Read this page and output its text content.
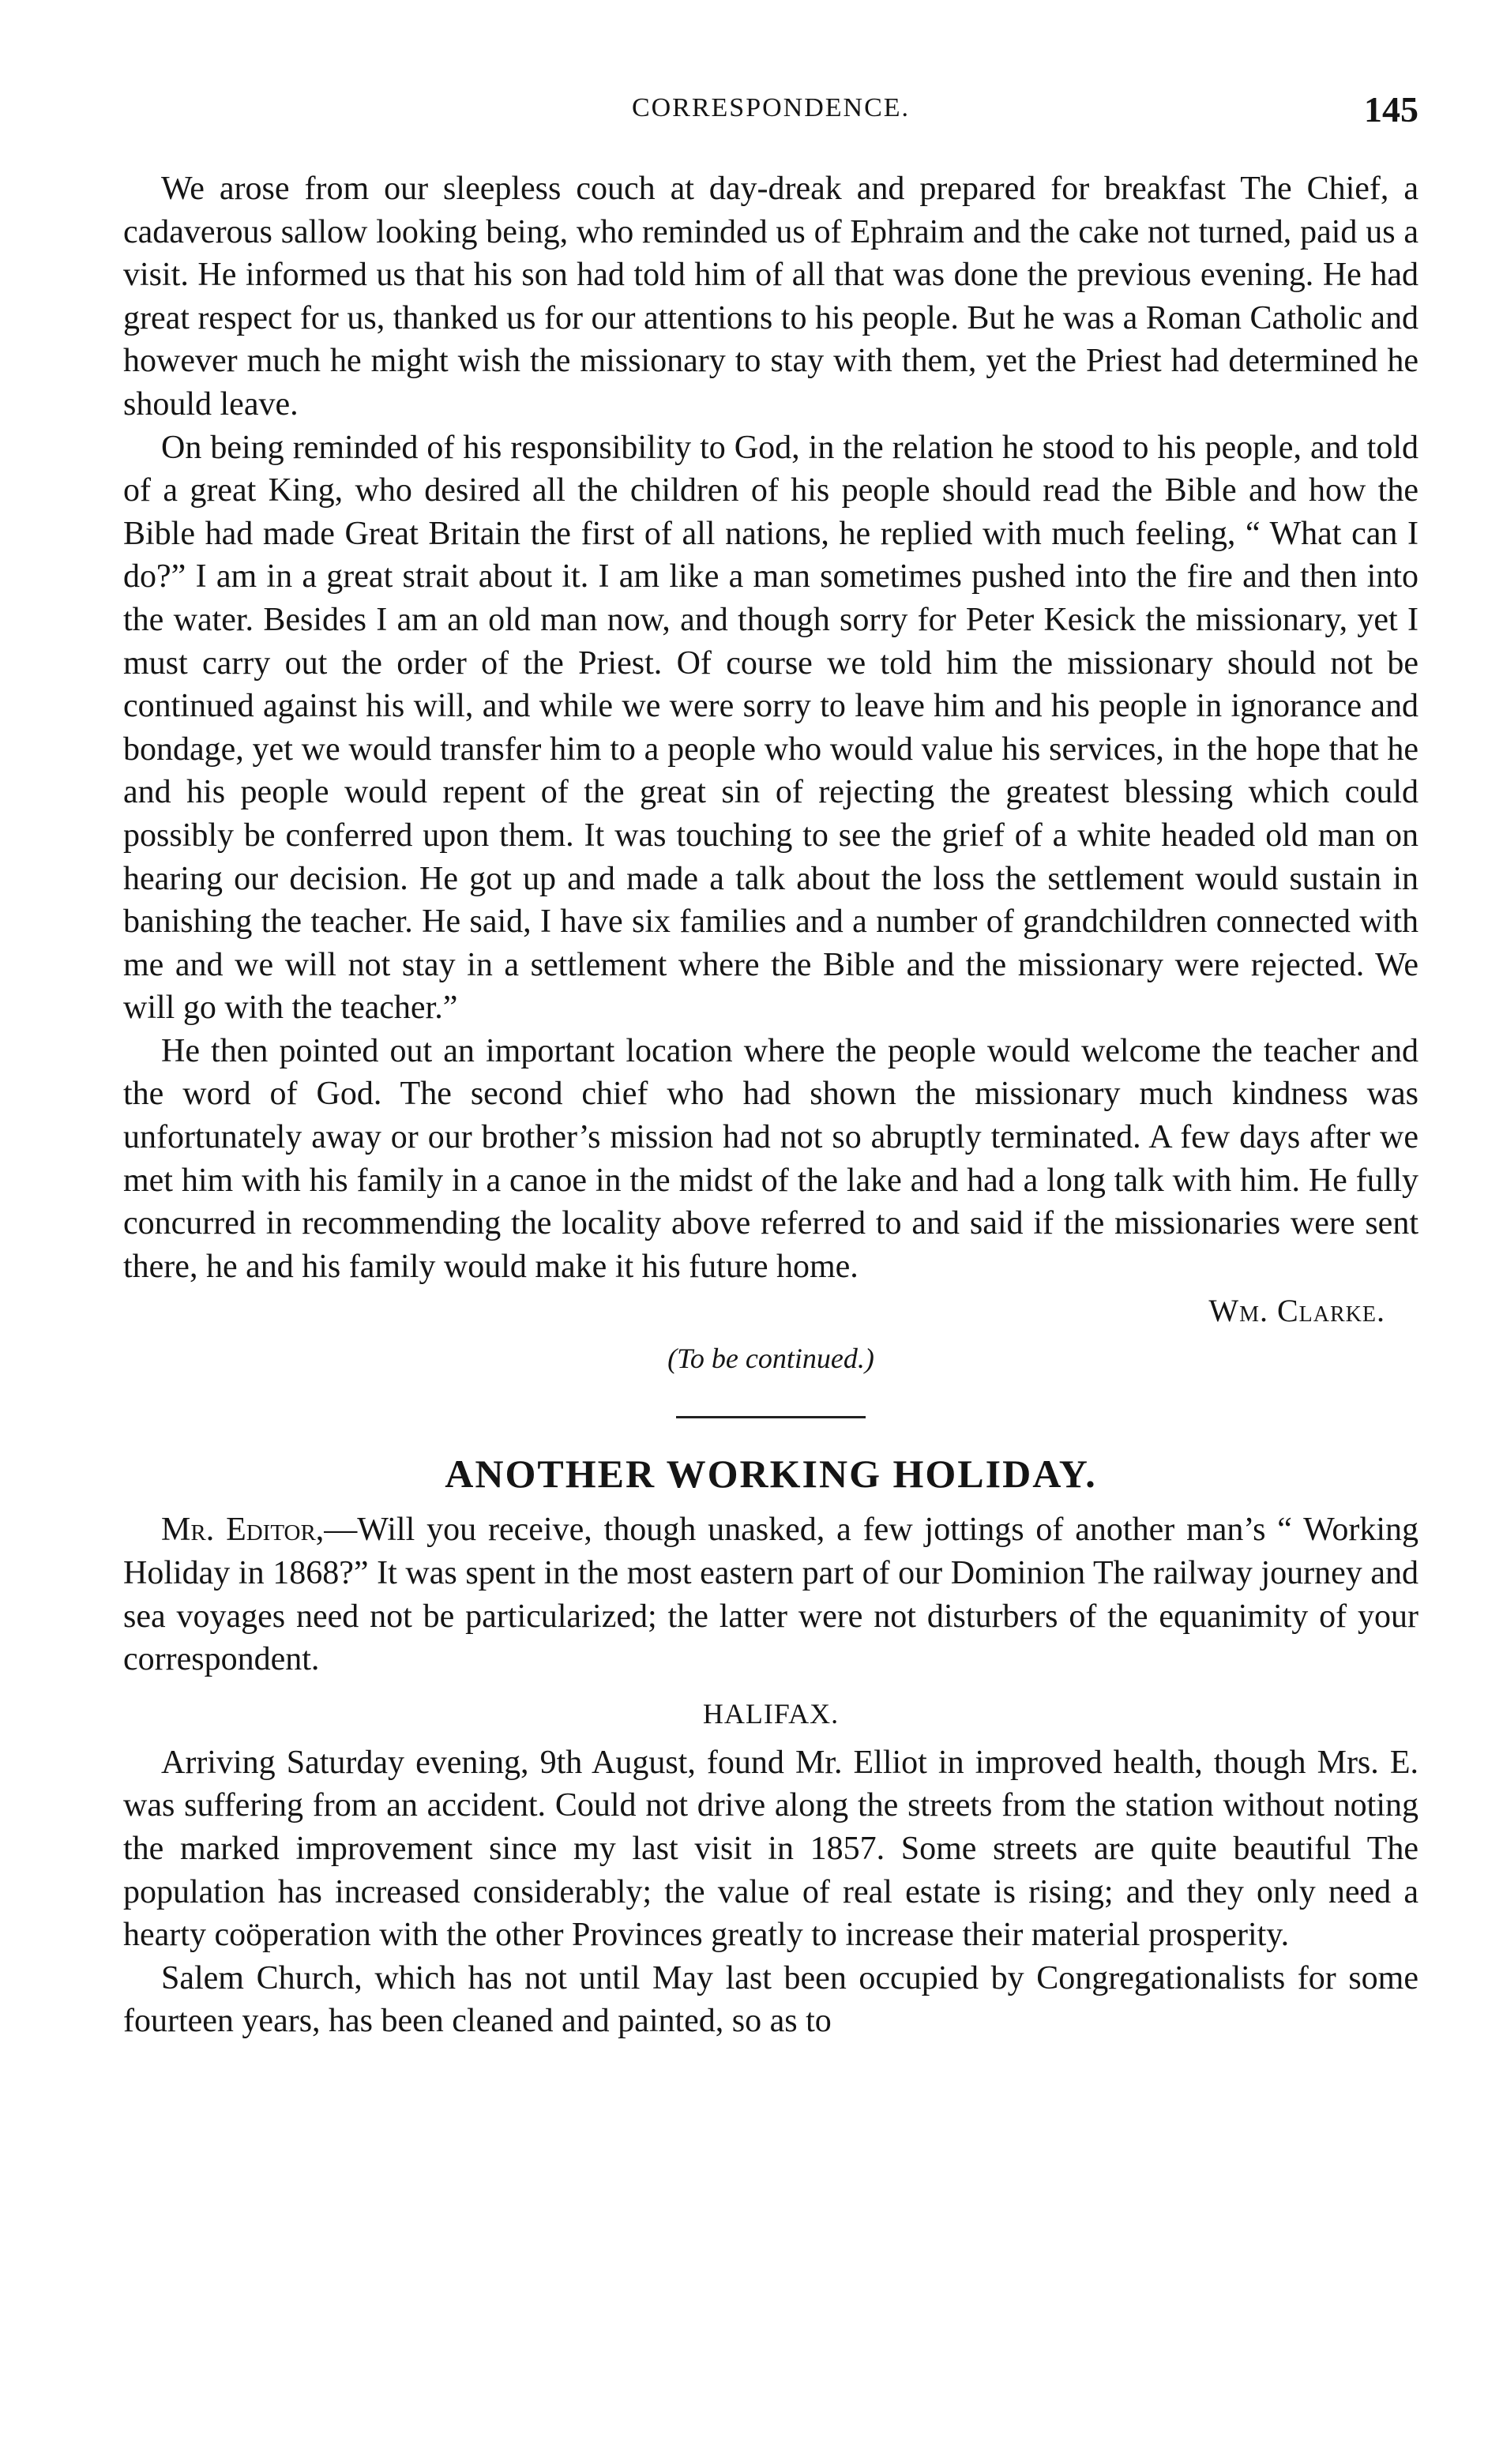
CORRESPONDENCE.	145

We arose from our sleepless couch at day-dreak and prepared for breakfast The Chief, a cadaverous sallow looking being, who reminded us of Ephraim and the cake not turned, paid us a visit. He informed us that his son had told him of all that was done the previous evening. He had great respect for us, thanked us for our attentions to his people. But he was a Roman Catholic and however much he might wish the missionary to stay with them, yet the Priest had determined he should leave.

On being reminded of his responsibility to God, in the relation he stood to his people, and told of a great King, who desired all the children of his people should read the Bible and how the Bible had made Great Britain the first of all nations, he replied with much feeling, “ What can I do?” I am in a great strait about it. I am like a man sometimes pushed into the fire and then into the water. Besides I am an old man now, and though sorry for Peter Kesick the missionary, yet I must carry out the order of the Priest. Of course we told him the missionary should not be continued against his will, and while we were sorry to leave him and his people in ignorance and bondage, yet we would transfer him to a people who would value his services, in the hope that he and his people would repent of the great sin of rejecting the greatest blessing which could possibly be conferred upon them. It was touching to see the grief of a white headed old man on hearing our decision. He got up and made a talk about the loss the settlement would sustain in banishing the teacher. He said, I have six families and a number of grandchildren connected with me and we will not stay in a settlement where the Bible and the missionary were rejected. We will go with the teacher.”

He then pointed out an important location where the people would welcome the teacher and the word of God. The second chief who had shown the missionary much kindness was unfortunately away or our brother’s mission had not so abruptly terminated. A few days after we met him with his family in a canoe in the midst of the lake and had a long talk with him. He fully concurred in recommending the locality above referred to and said if the missionaries were sent there, he and his family would make it his future home.

Wm. Clarke.

(To be continued.)

ANOTHER WORKING HOLIDAY.

Mr. Editor,—Will you receive, though unasked, a few jottings of another man’s “ Working Holiday in 1868?” It was spent in the most eastern part of our Dominion The railway journey and sea voyages need not be particularized; the latter were not disturbers of the equanimity of your correspondent.

HALIFAX.

Arriving Saturday evening, 9th August, found Mr. Elliot in improved health, though Mrs. E. was suffering from an accident. Could not drive along the streets from the station without noting the marked improvement since my last visit in 1857. Some streets are quite beautiful The population has increased considerably; the value of real estate is rising; and they only need a hearty coöperation with the other Provinces greatly to increase their material prosperity.

Salem Church, which has not until May last been occupied by Congregationalists for some fourteen years, has been cleaned and painted, so as to
